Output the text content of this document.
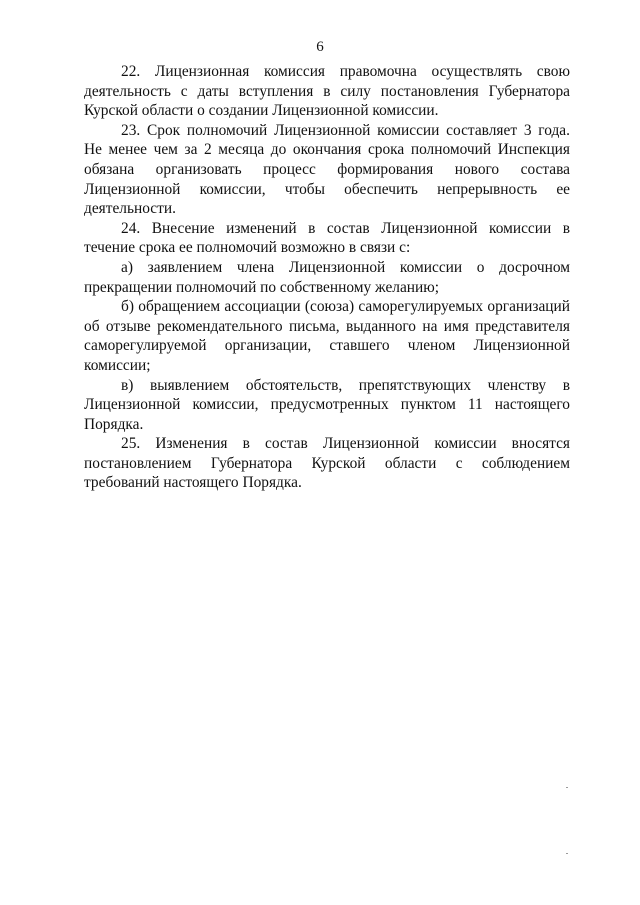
6

22. Лицензионная комиссия правомочна осуществлять свою деятельность с даты вступления в силу постановления Губернатора Курской области о создании Лицензионной комиссии.

23. Срок полномочий Лицензионной комиссии составляет 3 года. Не менее чем за 2 месяца до окончания срока полномочий Инспекция обязана организовать процесс формирования нового состава Лицензионной комиссии, чтобы обеспечить непрерывность ее деятельности.

24. Внесение изменений в состав Лицензионной комиссии в течение срока ее полномочий возможно в связи с:

а) заявлением члена Лицензионной комиссии о досрочном прекращении полномочий по собственному желанию;

б) обращением ассоциации (союза) саморегулируемых организаций об отзыве рекомендательного письма, выданного на имя представителя саморегулируемой организации, ставшего членом Лицензионной комиссии;

в) выявлением обстоятельств, препятствующих членству в Лицензионной комиссии, предусмотренных пунктом 11 настоящего Порядка.

25. Изменения в состав Лицензионной комиссии вносятся постановлением Губернатора Курской области с соблюдением требований настоящего Порядка.
